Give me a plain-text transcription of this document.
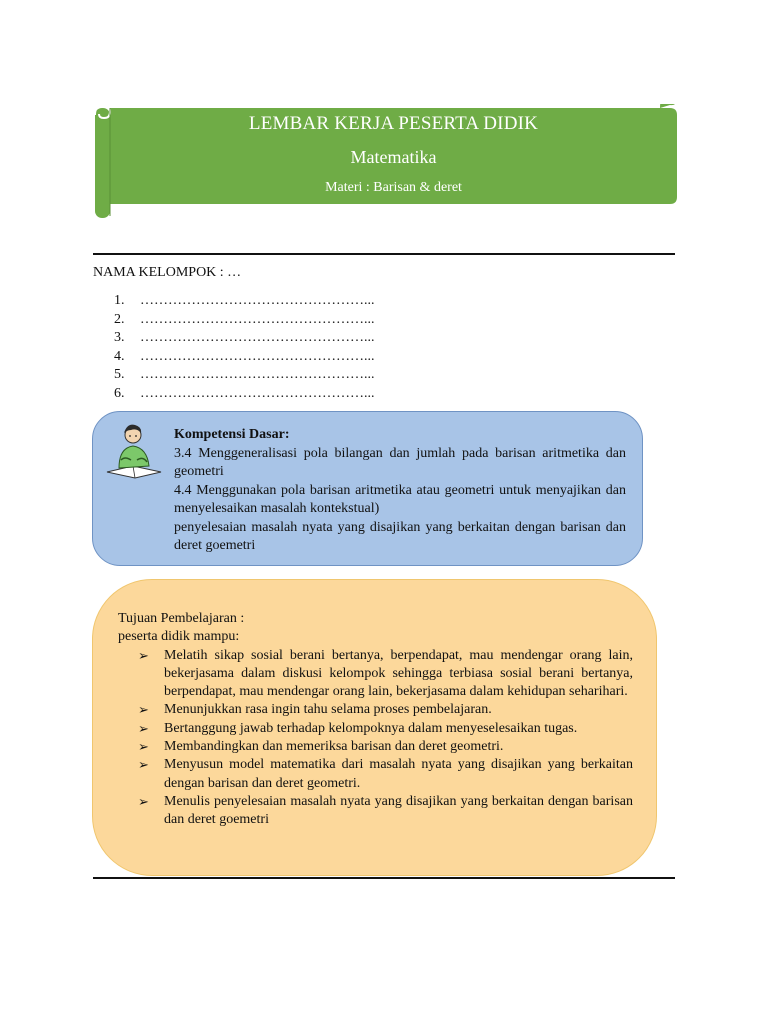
LEMBAR KERJA PESERTA DIDIK
Matematika
Materi : Barisan & deret
NAMA KELOMPOK : …
1. …………………………………………...
2. …………………………………………...
3. …………………………………………...
4. …………………………………………...
5. …………………………………………...
6. …………………………………………...

Kompetensi Dasar:

3.4 Menggeneralisasi pola bilangan dan jumlah pada barisan aritmetika dan geometri

4.4 Menggunakan pola barisan aritmetika atau geometri untuk menyajikan dan menyelesaikan masalah kontekstual)

penyelesaian masalah nyata yang disajikan yang berkaitan dengan barisan dan deret goemetri

Tujuan Pembelajaran :

peserta didik mampu:

➢ Melatih sikap sosial berani bertanya, berpendapat, mau mendengar orang lain, bekerjasama dalam diskusi kelompok sehingga terbiasa sosial berani bertanya, berpendapat, mau mendengar orang lain, bekerjasama dalam kehidupan seharihari.
➢ Menunjukkan rasa ingin tahu selama proses pembelajaran.
➢ Bertanggung jawab terhadap kelompoknya dalam menyeselesaikan tugas.
➢ Membandingkan dan memeriksa barisan dan deret geometri.
➢ Menyusun model matematika dari masalah nyata yang disajikan yang berkaitan dengan barisan dan deret geometri.
➢ Menulis penyelesaian masalah nyata yang disajikan yang berkaitan dengan barisan dan deret goemetri
